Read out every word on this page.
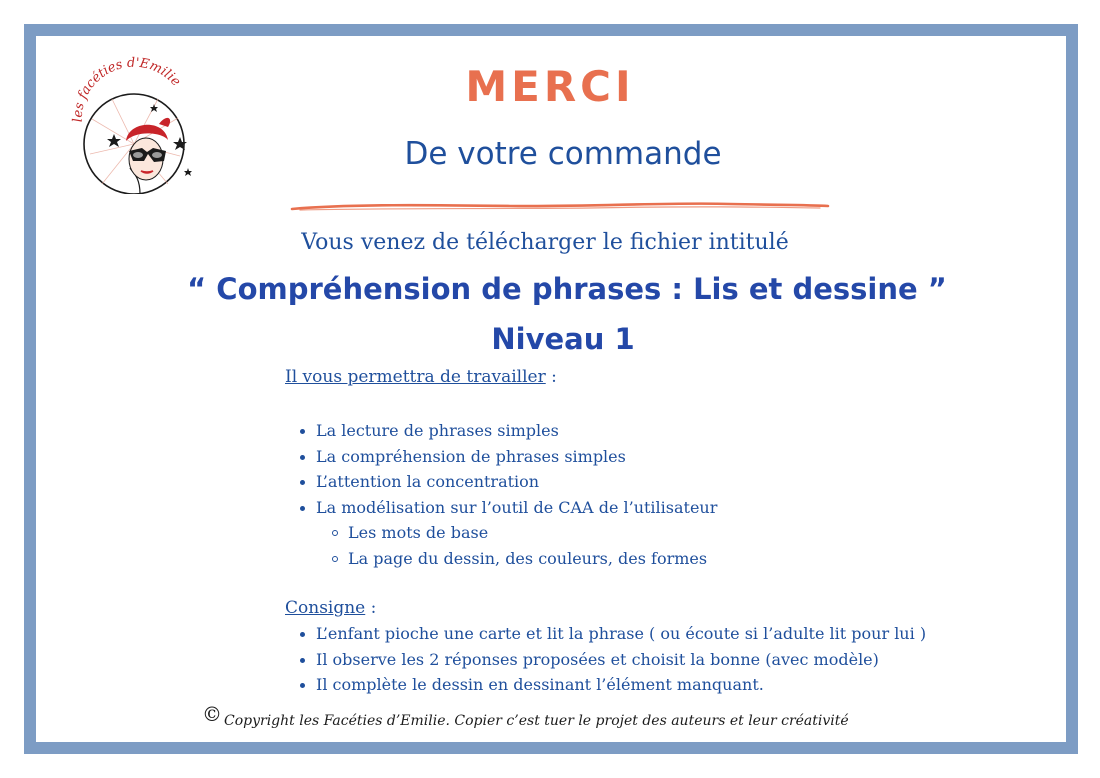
les facéties d'Emilie	MERCI
De votre commande
Vous venez de télécharger le fichier intitulé
“ Compréhension de phrases : Lis et dessine ”
Niveau 1
Il vous permettra de travailler :
La lecture de phrases simples
La compréhension de phrases simples
L’attention la concentration
La modélisation sur l’outil de CAA de l’utilisateur
Les mots de base
La page du dessin, des couleurs, des formes
Consigne :
L’enfant pioche une carte et lit la phrase ( ou écoute si l’adulte lit pour lui )
Il observe les 2 réponses proposées et choisit la bonne (avec modèle)
Il complète le dessin en dessinant l’élément manquant.
© Copyright les Facéties d’Emilie. Copier c’est tuer le projet des auteurs et leur créativité
